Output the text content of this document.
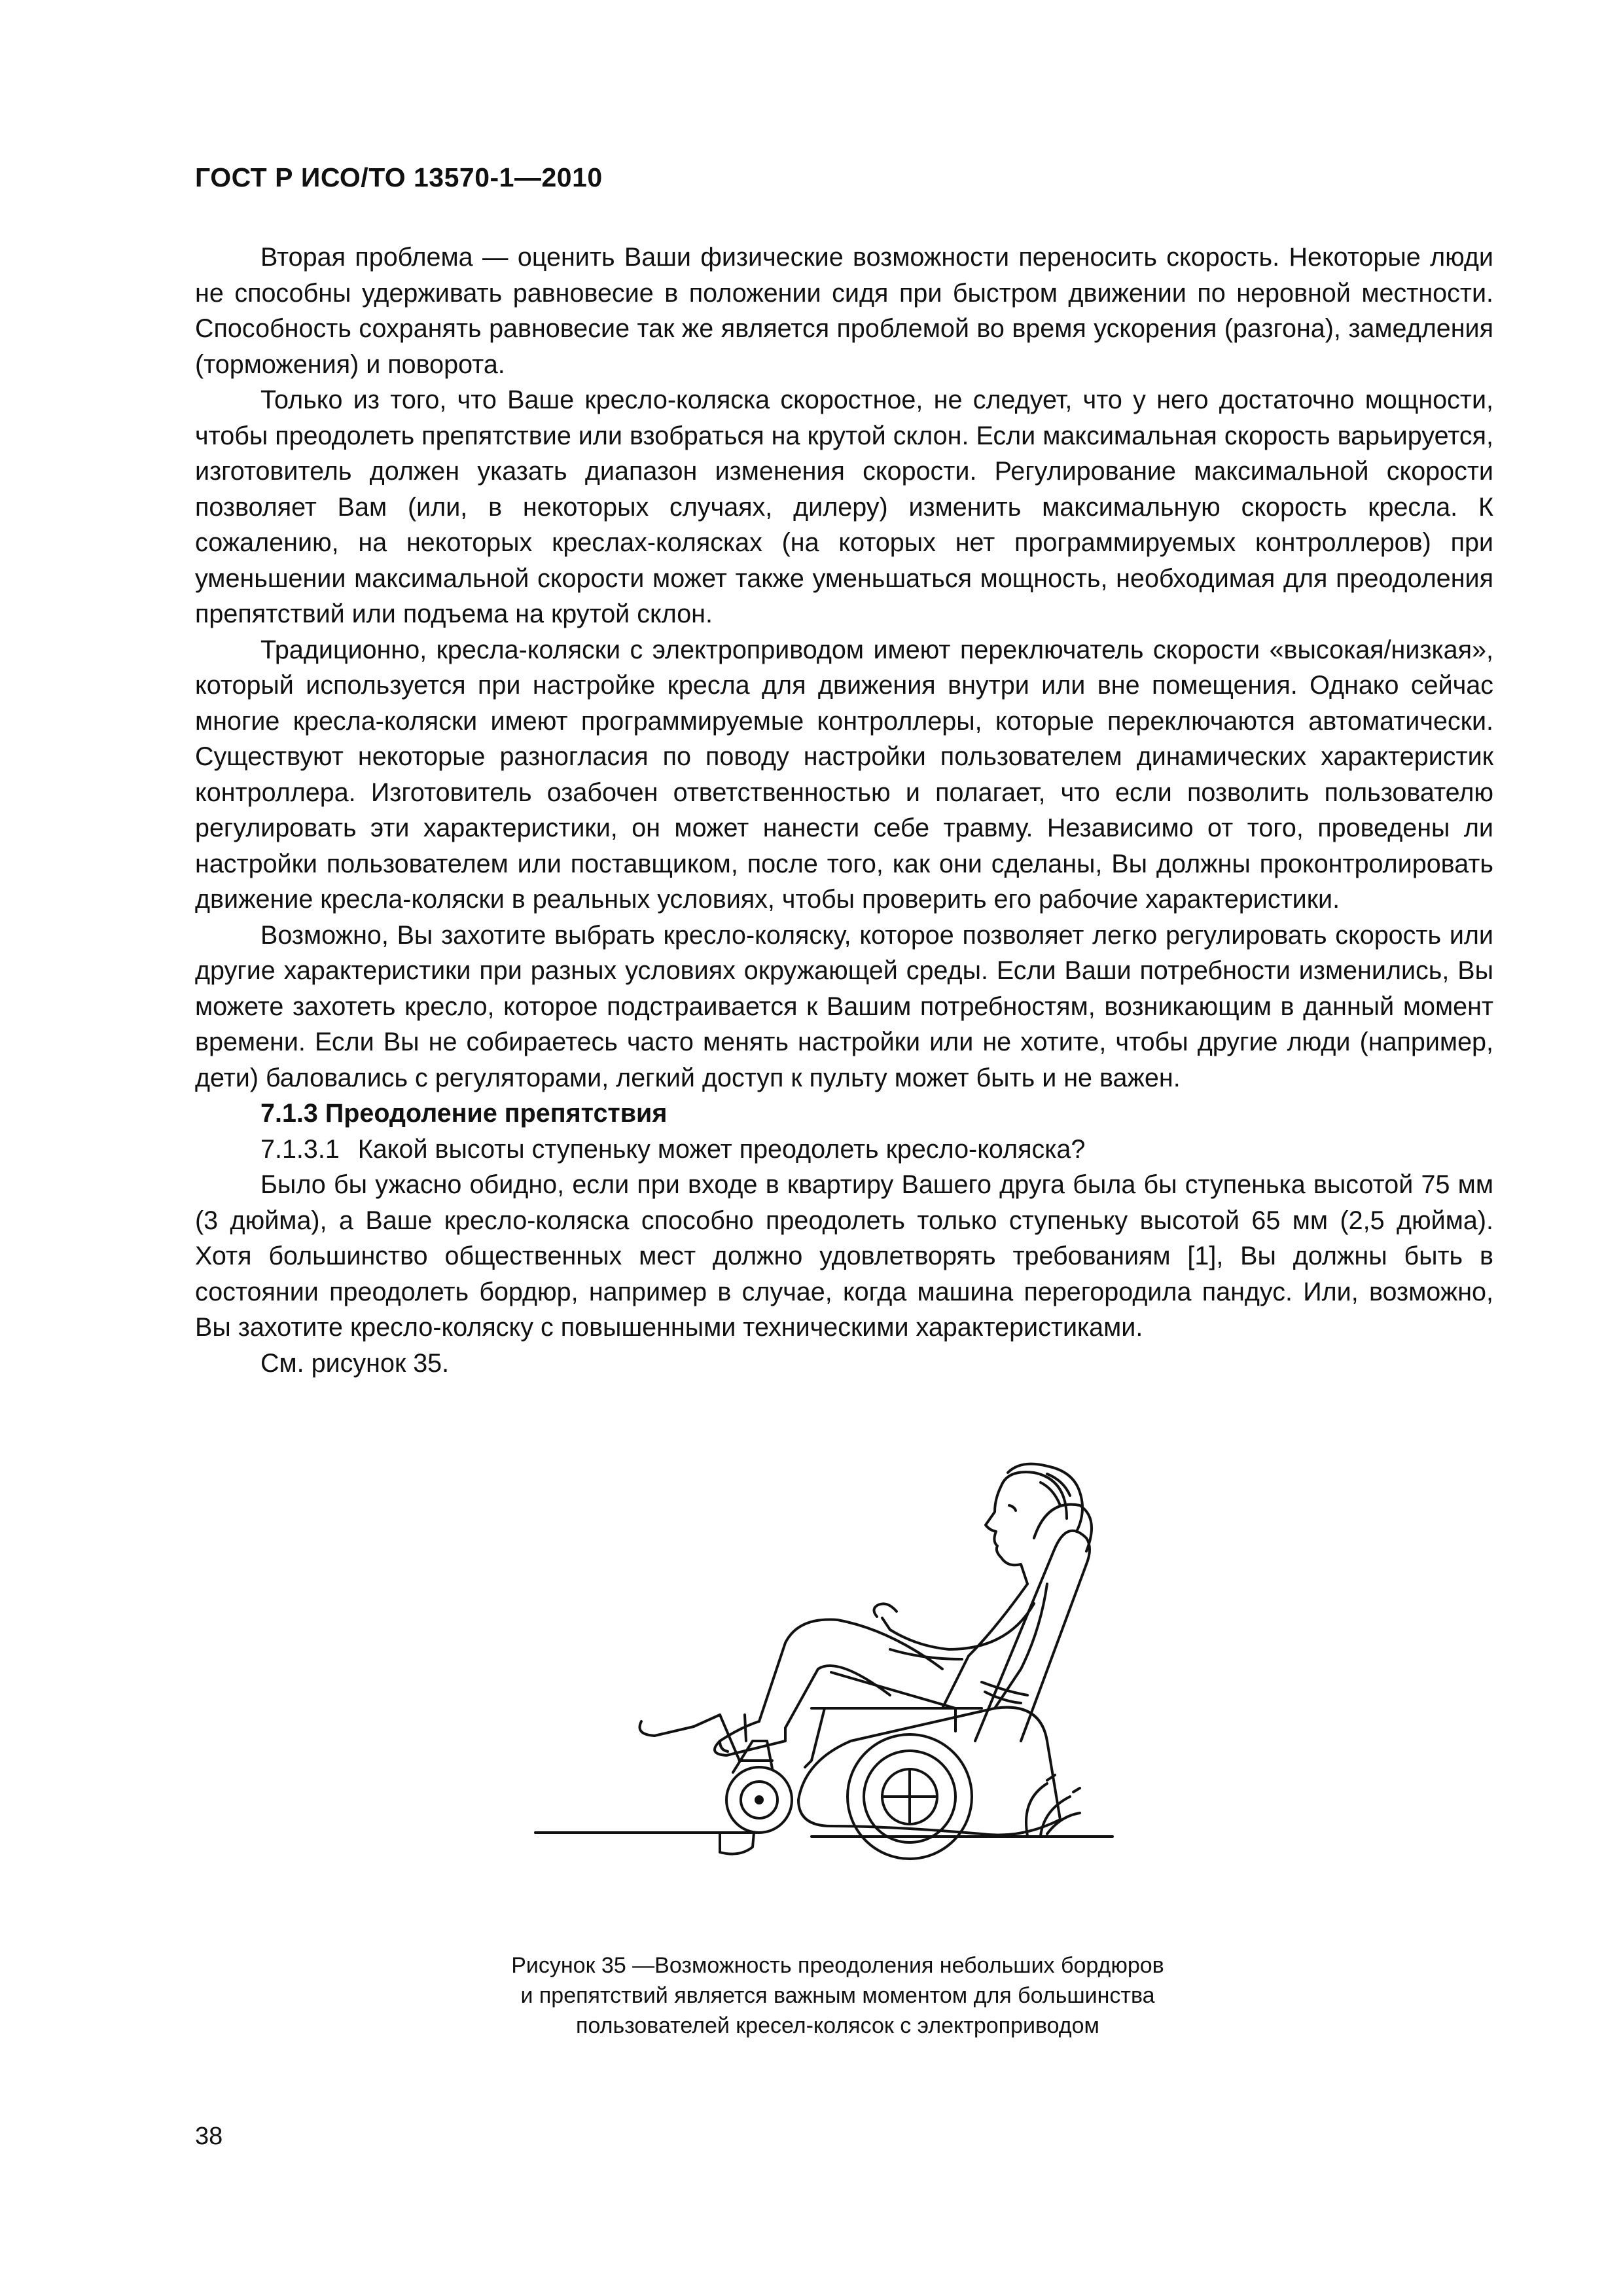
ГОСТ Р ИСО/ТО 13570-1—2010

Вторая проблема — оценить Ваши физические возможности переносить скорость. Некоторые люди не способны удерживать равновесие в положении сидя при быстром движении по неровной местности. Способность сохранять равновесие так же является проблемой во время ускорения (разгона), замедления (торможения) и поворота.

Только из того, что Ваше кресло-коляска скоростное, не следует, что у него достаточно мощности, чтобы преодолеть препятствие или взобраться на крутой склон. Если максимальная скорость варьируется, изготовитель должен указать диапазон изменения скорости. Регулирование максимальной скорости позволяет Вам (или, в некоторых случаях, дилеру) изменить максимальную скорость кресла. К сожалению, на некоторых креслах-колясках (на которых нет программируемых контроллеров) при уменьшении максимальной скорости может также уменьшаться мощность, необходимая для преодоления препятствий или подъема на крутой склон.

Традиционно, кресла-коляски с электроприводом имеют переключатель скорости «высокая/низкая», который используется при настройке кресла для движения внутри или вне помещения. Однако сейчас многие кресла-коляски имеют программируемые контроллеры, которые переключаются автоматически. Существуют некоторые разногласия по поводу настройки пользователем динамических характеристик контроллера. Изготовитель озабочен ответственностью и полагает, что если позволить пользователю регулировать эти характеристики, он может нанести себе травму. Независимо от того, проведены ли настройки пользователем или поставщиком, после того, как они сделаны, Вы должны проконтролировать движение кресла-коляски в реальных условиях, чтобы проверить его рабочие характеристики.

Возможно, Вы захотите выбрать кресло-коляску, которое позволяет легко регулировать скорость или другие характеристики при разных условиях окружающей среды. Если Ваши потребности изменились, Вы можете захотеть кресло, которое подстраивается к Вашим потребностям, возникающим в данный момент времени. Если Вы не собираетесь часто менять настройки или не хотите, чтобы другие люди (например, дети) баловались с регуляторами, легкий доступ к пульту может быть и не важен.

7.1.3 Преодоление препятствия

7.1.3.1 Какой высоты ступеньку может преодолеть кресло-коляска?

Было бы ужасно обидно, если при входе в квартиру Вашего друга была бы ступенька высотой 75 мм (3 дюйма), а Ваше кресло-коляска способно преодолеть только ступеньку высотой 65 мм (2,5 дюйма). Хотя большинство общественных мест должно удовлетворять требованиям [1], Вы должны быть в состоянии преодолеть бордюр, например в случае, когда машина перегородила пандус. Или, возможно, Вы захотите кресло-коляску с повышенными техническими характеристиками.

См. рисунок 35.

Рисунок 35 —Возможность преодоления небольших бордюров
и препятствий является важным моментом для большинства
пользователей кресел-колясок с электроприводом
38
